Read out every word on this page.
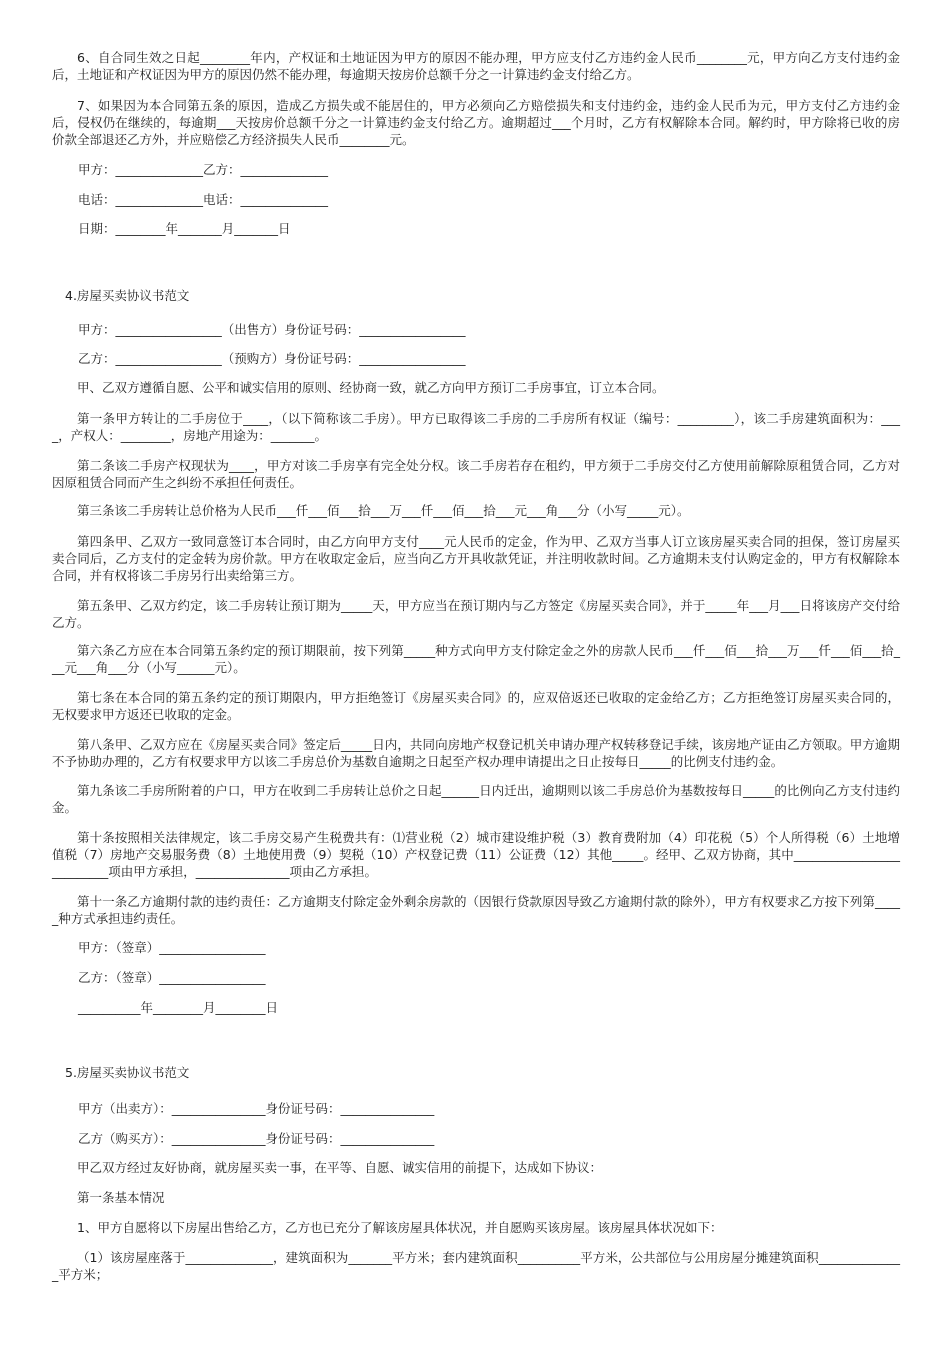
6、自合同生效之日起________年内，产权证和土地证因为甲方的原因不能办理，甲方应支付乙方违约金人民币________元，甲方向乙方支付违约金后，土地证和产权证因为甲方的原因仍然不能办理，每逾期天按房价总额千分之一计算违约金支付给乙方。

7、如果因为本合同第五条的原因，造成乙方损失或不能居住的，甲方必须向乙方赔偿损失和支付违约金，违约金人民币为元，甲方支付乙方违约金后，侵权仍在继续的，每逾期___天按房价总额千分之一计算违约金支付给乙方。逾期超过___个月时，乙方有权解除本合同。解约时，甲方除将已收的房价款全部退还乙方外，并应赔偿乙方经济损失人民币________元。

甲方：______________乙方：______________

电话：______________电话：______________

日期：________年_______月_______日

4.房屋买卖协议书范文

甲方：_________________（出售方）身份证号码：_________________

乙方：_________________（预购方）身份证号码：_________________

甲、乙双方遵循自愿、公平和诚实信用的原则、经协商一致，就乙方向甲方预订二手房事宜，订立本合同。

第一条甲方转让的二手房位于____，（以下简称该二手房）。甲方已取得该二手房的二手房所有权证（编号：_________），该二手房建筑面积为：____，产权人：________，房地产用途为：_______。

第二条该二手房产权现状为____，甲方对该二手房享有完全处分权。该二手房若存在租约，甲方须于二手房交付乙方使用前解除原租赁合同，乙方对因原租赁合同而产生之纠纷不承担任何责任。

第三条该二手房转让总价格为人民币___仟___佰___拾___万___仟___佰___拾___元___角___分（小写_____元）。

第四条甲、乙双方一致同意签订本合同时，由乙方向甲方支付____元人民币的定金，作为甲、乙双方当事人订立该房屋买卖合同的担保，签订房屋买卖合同后，乙方支付的定金转为房价款。甲方在收取定金后，应当向乙方开具收款凭证，并注明收款时间。乙方逾期未支付认购定金的，甲方有权解除本合同，并有权将该二手房另行出卖给第三方。

第五条甲、乙双方约定，该二手房转让预订期为_____天，甲方应当在预订期内与乙方签定《房屋买卖合同》，并于_____年___月___日将该房产交付给乙方。

第六条乙方应在本合同第五条约定的预订期限前，按下列第_____种方式向甲方支付除定金之外的房款人民币___仟___佰___拾___万___仟___佰___拾___元___角___分（小写______元）。

第七条在本合同的第五条约定的预订期限内，甲方拒绝签订《房屋买卖合同》的，应双倍返还已收取的定金给乙方；乙方拒绝签订房屋买卖合同的，无权要求甲方返还已收取的定金。

第八条甲、乙双方应在《房屋买卖合同》签定后_____日内，共同向房地产权登记机关申请办理产权转移登记手续，该房地产证由乙方领取。甲方逾期不予协助办理的，乙方有权要求甲方以该二手房总价为基数自逾期之日起至产权办理申请提出之日止按每日_____的比例支付违约金。

第九条该二手房所附着的户口，甲方在收到二手房转让总价之日起______日内迁出，逾期则以该二手房总价为基数按每日_____的比例向乙方支付违约金。

第十条按照相关法律规定，该二手房交易产生税费共有：⑴营业税（2）城市建设维护税（3）教育费附加（4）印花税（5）个人所得税（6）土地增值税（7）房地产交易服务费（8）土地使用费（9）契税（10）产权登记费（11）公证费（12）其他_____。经甲、乙双方协商，其中__________________________项由甲方承担，_______________项由乙方承担。

第十一条乙方逾期付款的违约责任：乙方逾期支付除定金外剩余房款的（因银行贷款原因导致乙方逾期付款的除外），甲方有权要求乙方按下列第_____种方式承担违约责任。

甲方：（签章）_________________

乙方：（签章）_________________

__________年________月________日

5.房屋买卖协议书范文

甲方（出卖方）：_______________身份证号码：_______________

乙方（购买方）：_______________身份证号码：_______________

甲乙双方经过友好协商，就房屋买卖一事，在平等、自愿、诚实信用的前提下，达成如下协议：

第一条基本情况

1、甲方自愿将以下房屋出售给乙方，乙方也已充分了解该房屋具体状况，并自愿购买该房屋。该房屋具体状况如下：

（1）该房屋座落于______________，建筑面积为_______平方米；套内建筑面积__________平方米，公共部位与公用房屋分摊建筑面积______________平方米；
